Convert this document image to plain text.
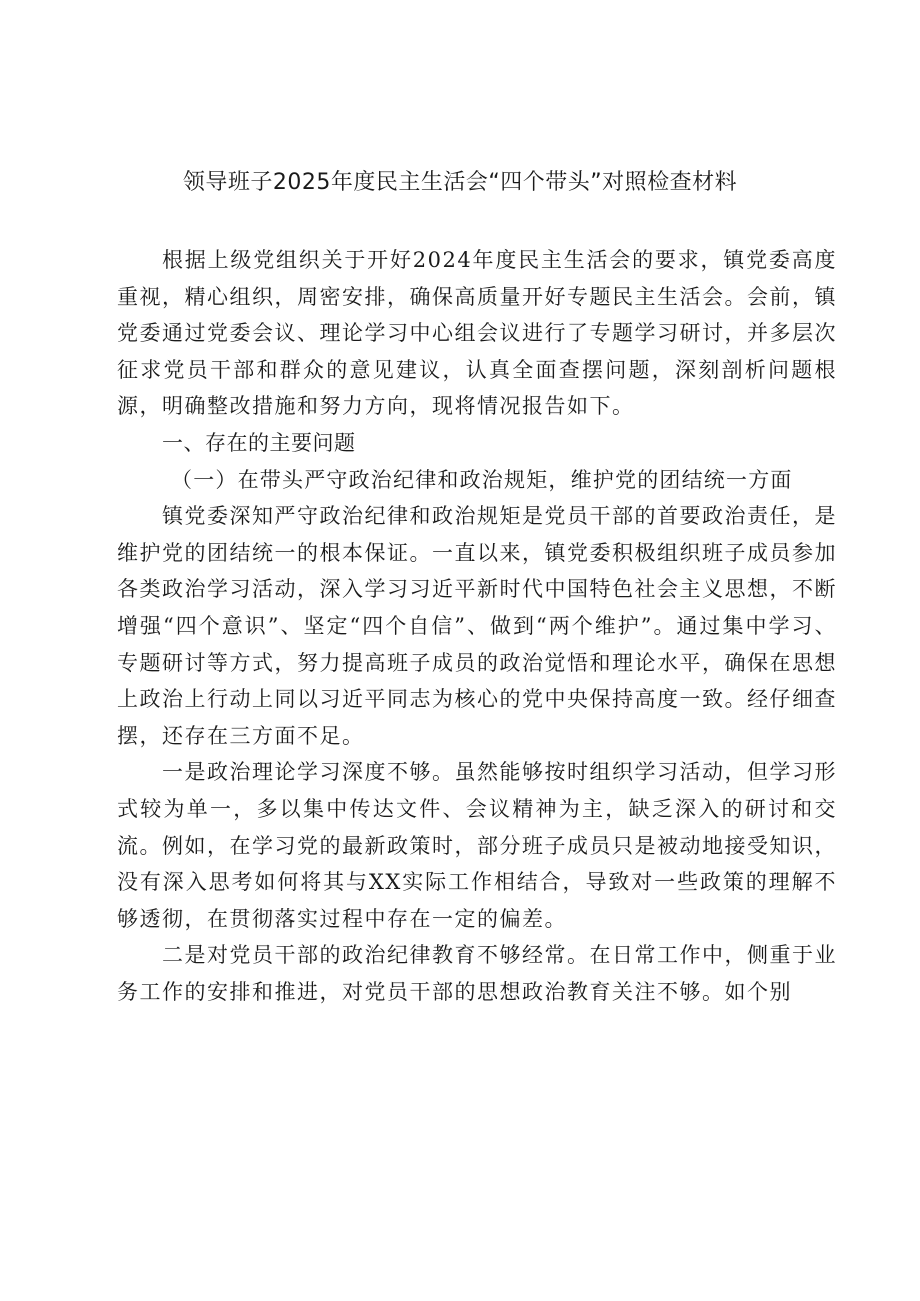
领导班子2025年度民主生活会“四个带头”对照检查材料

根据上级党组织关于开好2024年度民主生活会的要求，镇党委高度重视，精心组织，周密安排，确保高质量开好专题民主生活会。会前，镇党委通过党委会议、理论学习中心组会议进行了专题学习研讨，并多层次征求党员干部和群众的意见建议，认真全面查摆问题，深刻剖析问题根源，明确整改措施和努力方向，现将情况报告如下。

一、存在的主要问题

（一）在带头严守政治纪律和政治规矩，维护党的团结统一方面

镇党委深知严守政治纪律和政治规矩是党员干部的首要政治责任，是维护党的团结统一的根本保证。一直以来，镇党委积极组织班子成员参加各类政治学习活动，深入学习习近平新时代中国特色社会主义思想，不断增强“四个意识”、坚定“四个自信”、做到“两个维护”。通过集中学习、专题研讨等方式，努力提高班子成员的政治觉悟和理论水平，确保在思想上政治上行动上同以习近平同志为核心的党中央保持高度一致。经仔细查摆，还存在三方面不足。

一是政治理论学习深度不够。虽然能够按时组织学习活动，但学习形式较为单一，多以集中传达文件、会议精神为主，缺乏深入的研讨和交流。例如，在学习党的最新政策时，部分班子成员只是被动地接受知识，没有深入思考如何将其与XX实际工作相结合，导致对一些政策的理解不够透彻，在贯彻落实过程中存在一定的偏差。

二是对党员干部的政治纪律教育不够经常。在日常工作中，侧重于业务工作的安排和推进，对党员干部的思想政治教育关注不够。如个别
